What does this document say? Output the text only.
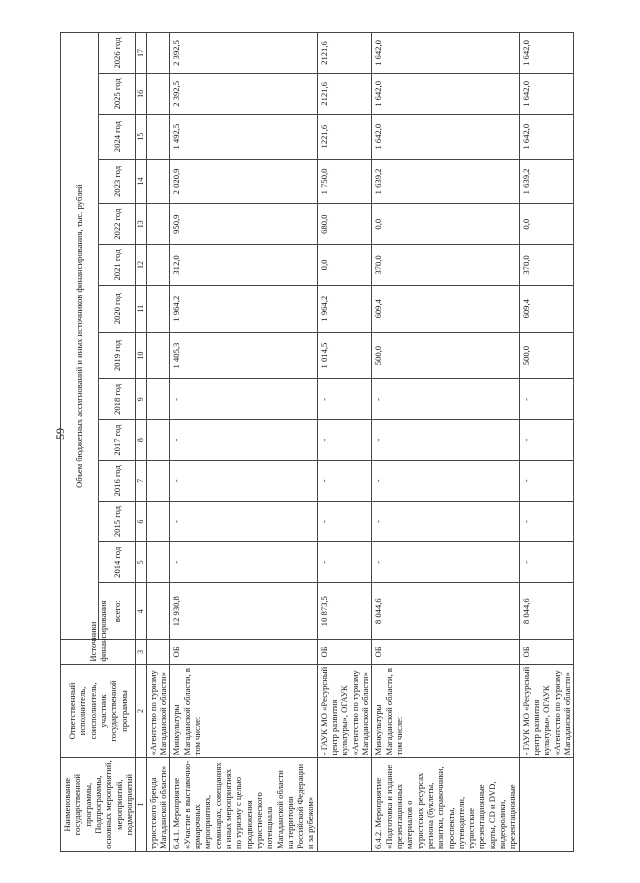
59
Наименование государственной программы, Подпрограммы, основных мероприятий, мероприятий, подмероприятий	Ответственный исполнитель, соисполнитель, участник государственной программы	Источники финансирования	Объем бюджетных ассигнований и иных источников финансирования, тыс. рублей													
			всего:	2014 год	2015 год	2016 год	2017 год	2018 год	2019 год	2020 год	2021 год	2022 год	2023 год	2024 год	2025 год	2026 год
1	2	3	4	5	6	7	8	9	10	11	12	13	14	15	16	17
туристского бренда Магаданской области»	«Агентство по туризму Магаданской области»															
6.4.1. Мероприятие «Участие в выставочно-ярмарочных мероприятиях, семинарах, совещаниях и иных мероприятиях по туризму с целью продвижения туристического потенциала Магаданской области на территории Российской Федерации и за рубежом»	Минкультуры Магаданской области, в том числе:	ОБ	12 930,8	-	-	-	-	-	1 405,3	1 964,2	312,0	950,9	2 020,9	1 492,5	2 392,5	2 392,5
	- ГАУК МО «Ресурсный центр развития культуры», ОГАУК «Агентство по туризму Магаданской области»	ОБ	10 873,5	-	-	-	-	-	1 014,5	1 964,2	0,0	680,0	1 750,0	1221,6	2121,6	2121,6
6.4.2. Мероприятие «Подготовка и издание презентационных материалов о туристских ресурсах региона (буклеты, визитки, справочники, проспекты, путеводители, туристские презентационные карты, CD и DVD, видеоролики, презентационные	Минкультуры Магаданской области, в том числе:	ОБ	8 044,6	-	-	-	-	-	500,0	609,4	370,0	0,0	1 639,2	1 642,0	1 642,0	1 642,0
	- ГАУК МО «Ресурсный центр развития культуры», ОГАУК «Агентство по туризму Магаданской области»	ОБ	8 044,6	-	-	-	-	-	500,0	609,4	370,0	0,0	1 639,2	1 642,0	1 642,0	1 642,0
